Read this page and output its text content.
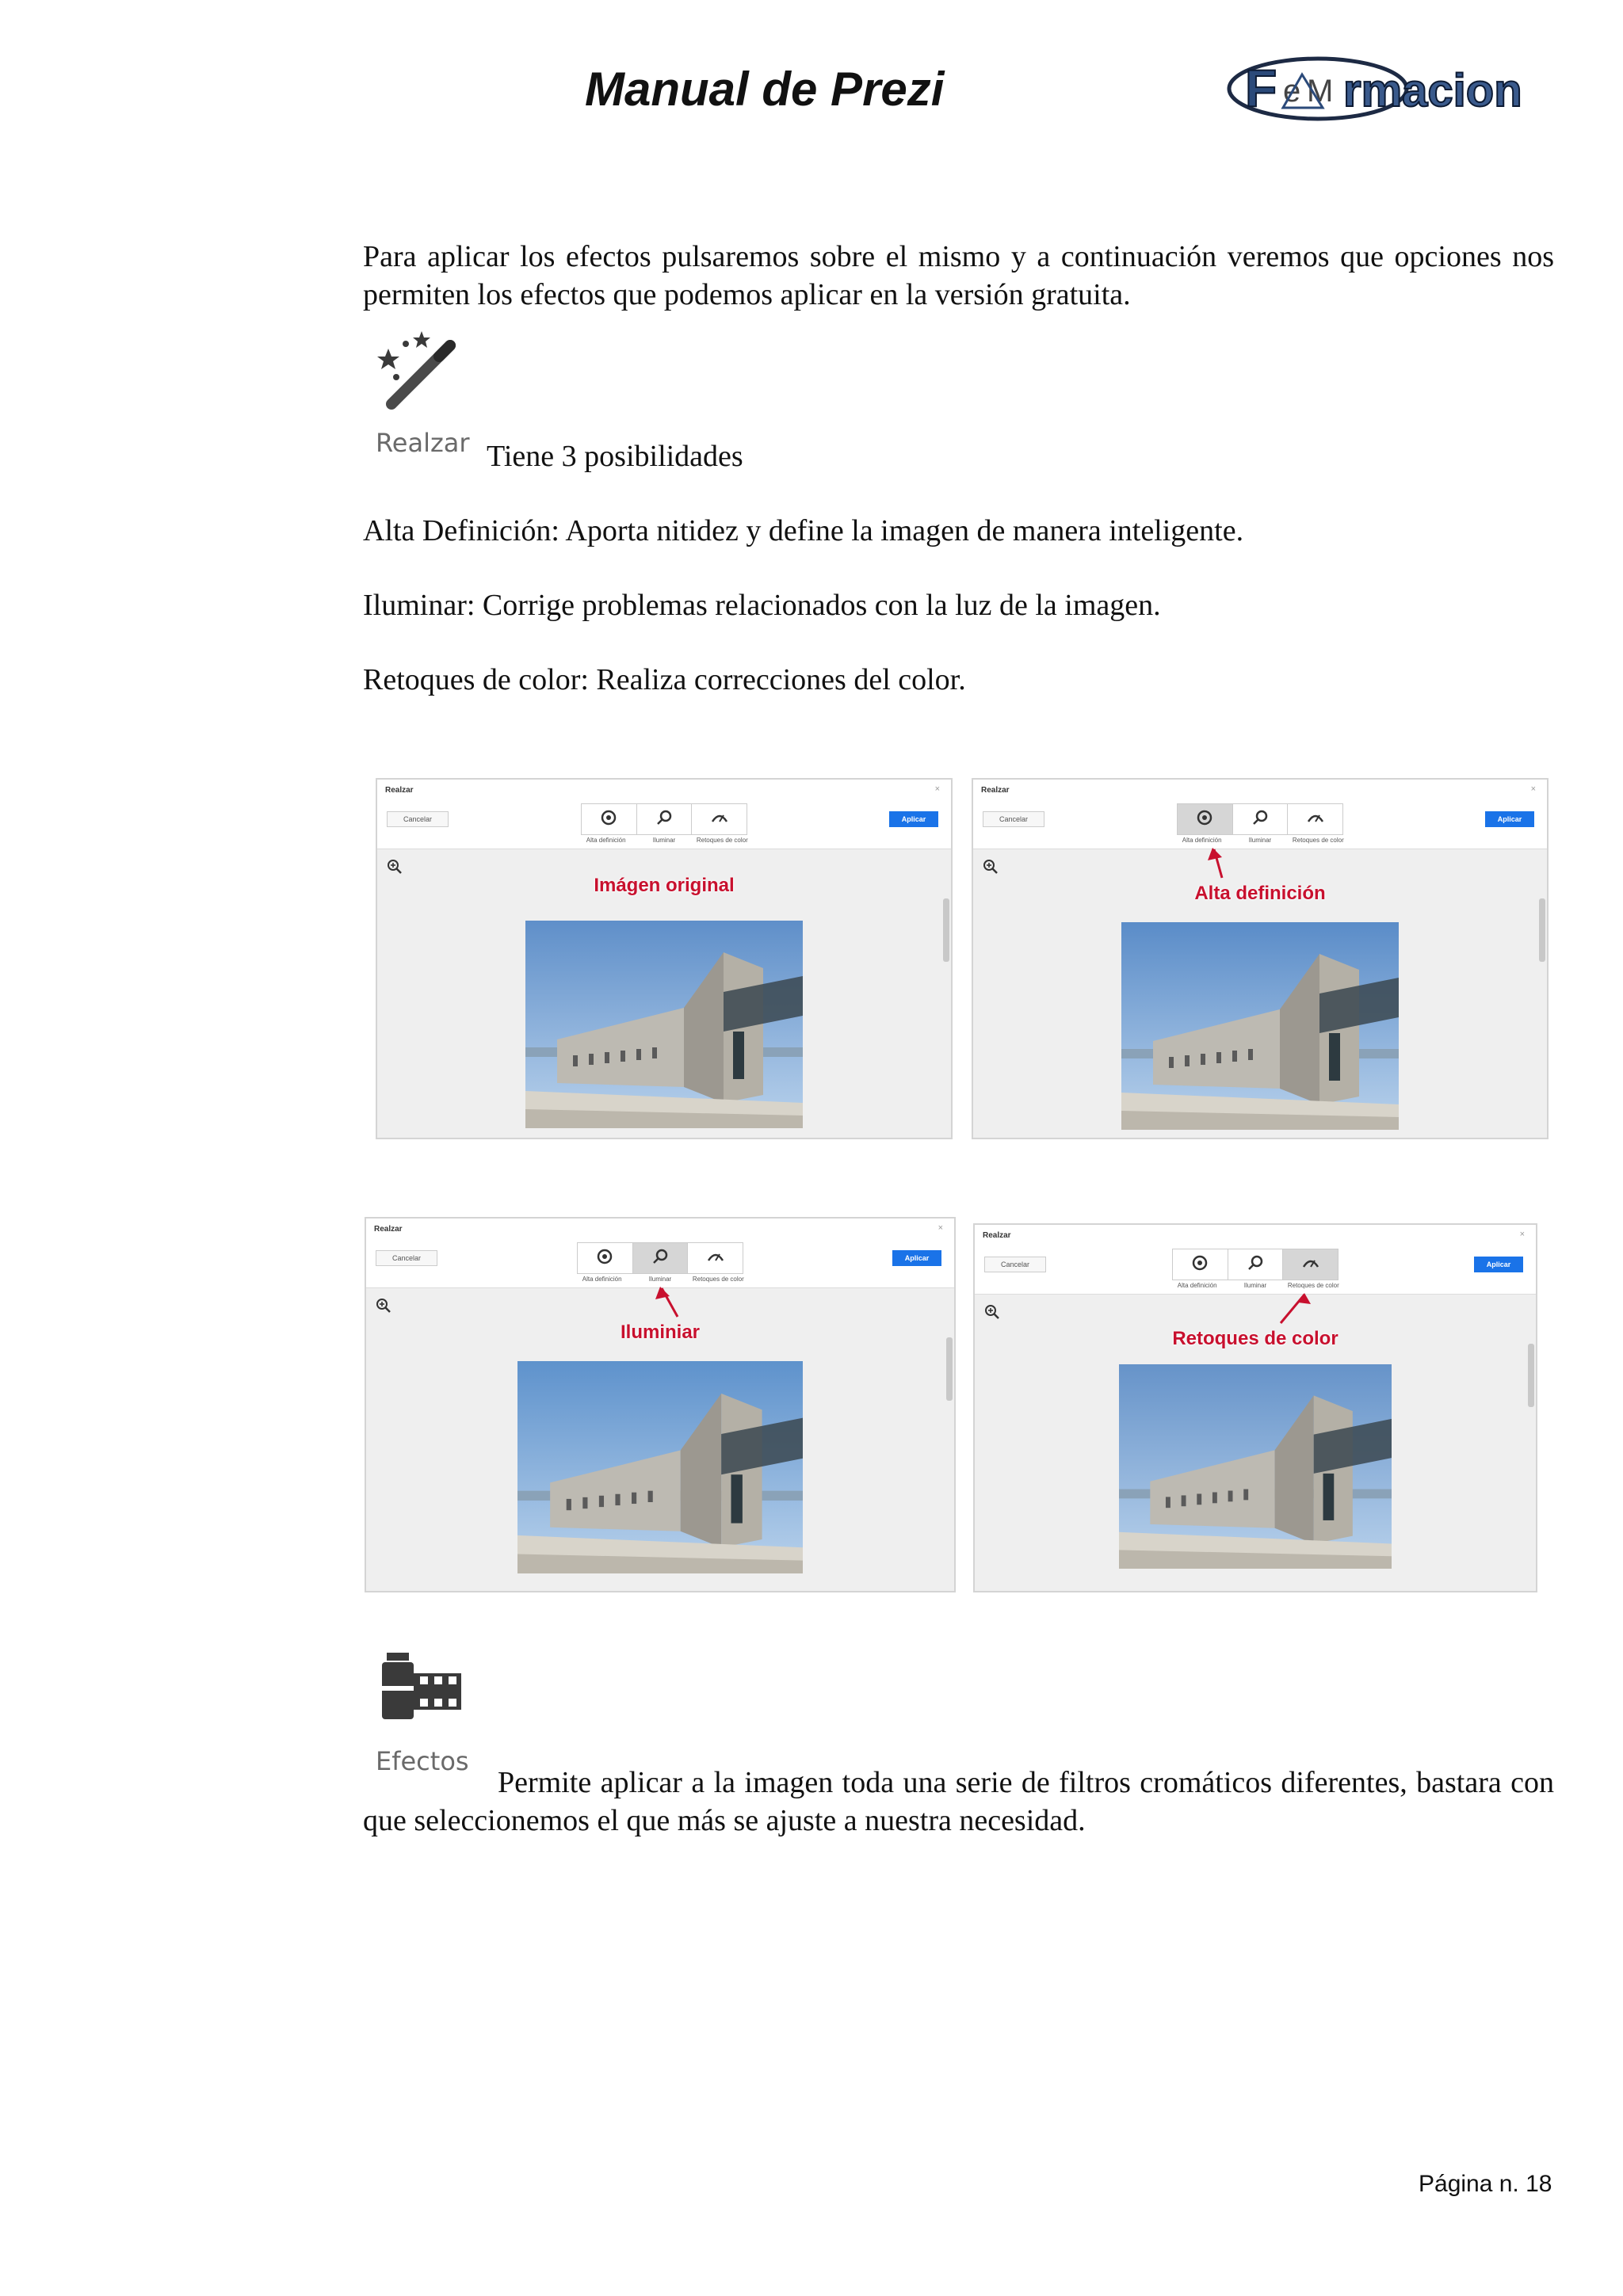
Manual de Prezi	F e M rmacion
Para aplicar los efectos pulsaremos sobre el mismo y a continuación veremos que opciones nos permiten los efectos que podemos aplicar en la versión gratuita.
Realzar Tiene 3 posibilidades
Alta Definición: Aporta nitidez y define la imagen de manera inteligente.
Iluminar: Corrige problemas relacionados con la luz de la imagen.
Retoques de color: Realiza correcciones del color.
Realzar	×
Cancelar
Alta definición	Iluminar	Retoques de color
Aplicar
Imágen original
Realzar	×
Cancelar
Alta definición	Iluminar	Retoques de color
Aplicar
Alta definición
Realzar	×
Cancelar
Alta definición	Iluminar	Retoques de color
Aplicar
Iluminiar
Realzar	×
Cancelar
Alta definición	Iluminar	Retoques de color
Aplicar
Retoques de color
Efectos
Permite aplicar a la imagen toda una serie de filtros cromáticos diferentes, bastara con que seleccionemos el que más se ajuste a nuestra necesidad.
Página n. 18
